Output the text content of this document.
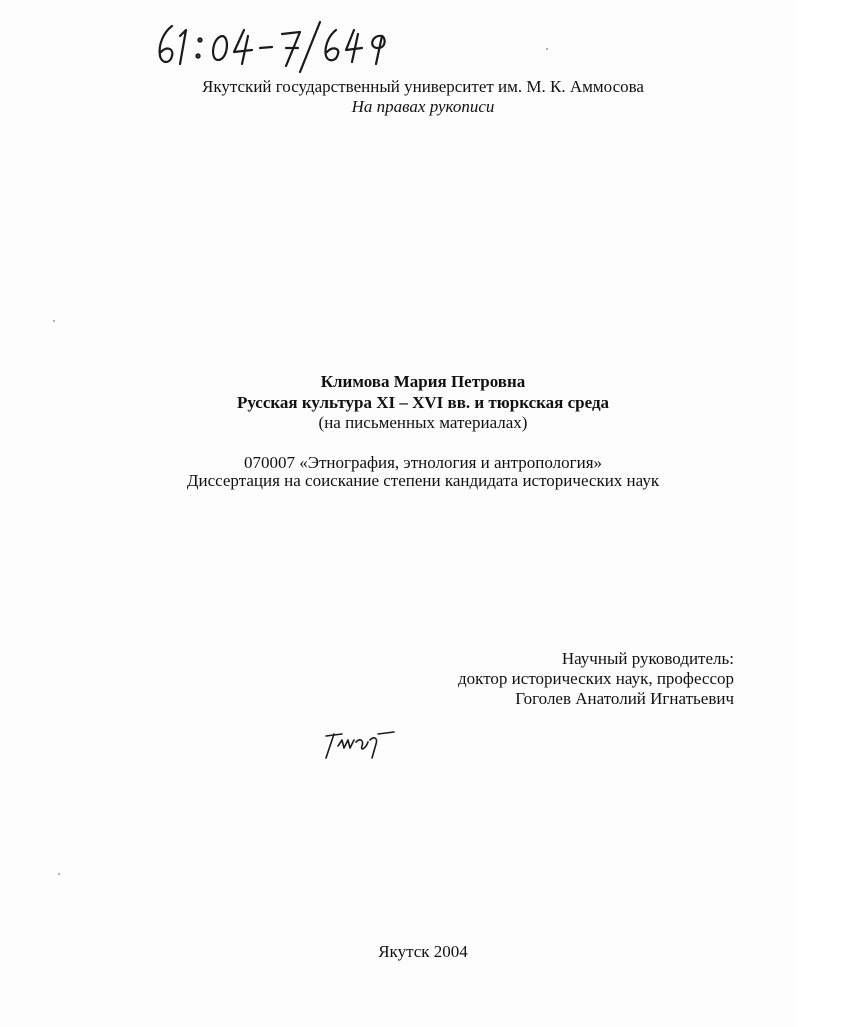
61:04-7/649
Якутский государственный университет им. М. К. Аммосова
На правах рукописи
Климова Мария Петровна
Русская культура XI – XVI вв. и тюркская среда
(на письменных материалах)
070007 «Этнография, этнология и антропология»
Диссертация на соискание степени кандидата исторических наук
Научный руководитель:
доктор исторических наук, профессор
Гоголев Анатолий Игнатьевич
Якутск 2004
